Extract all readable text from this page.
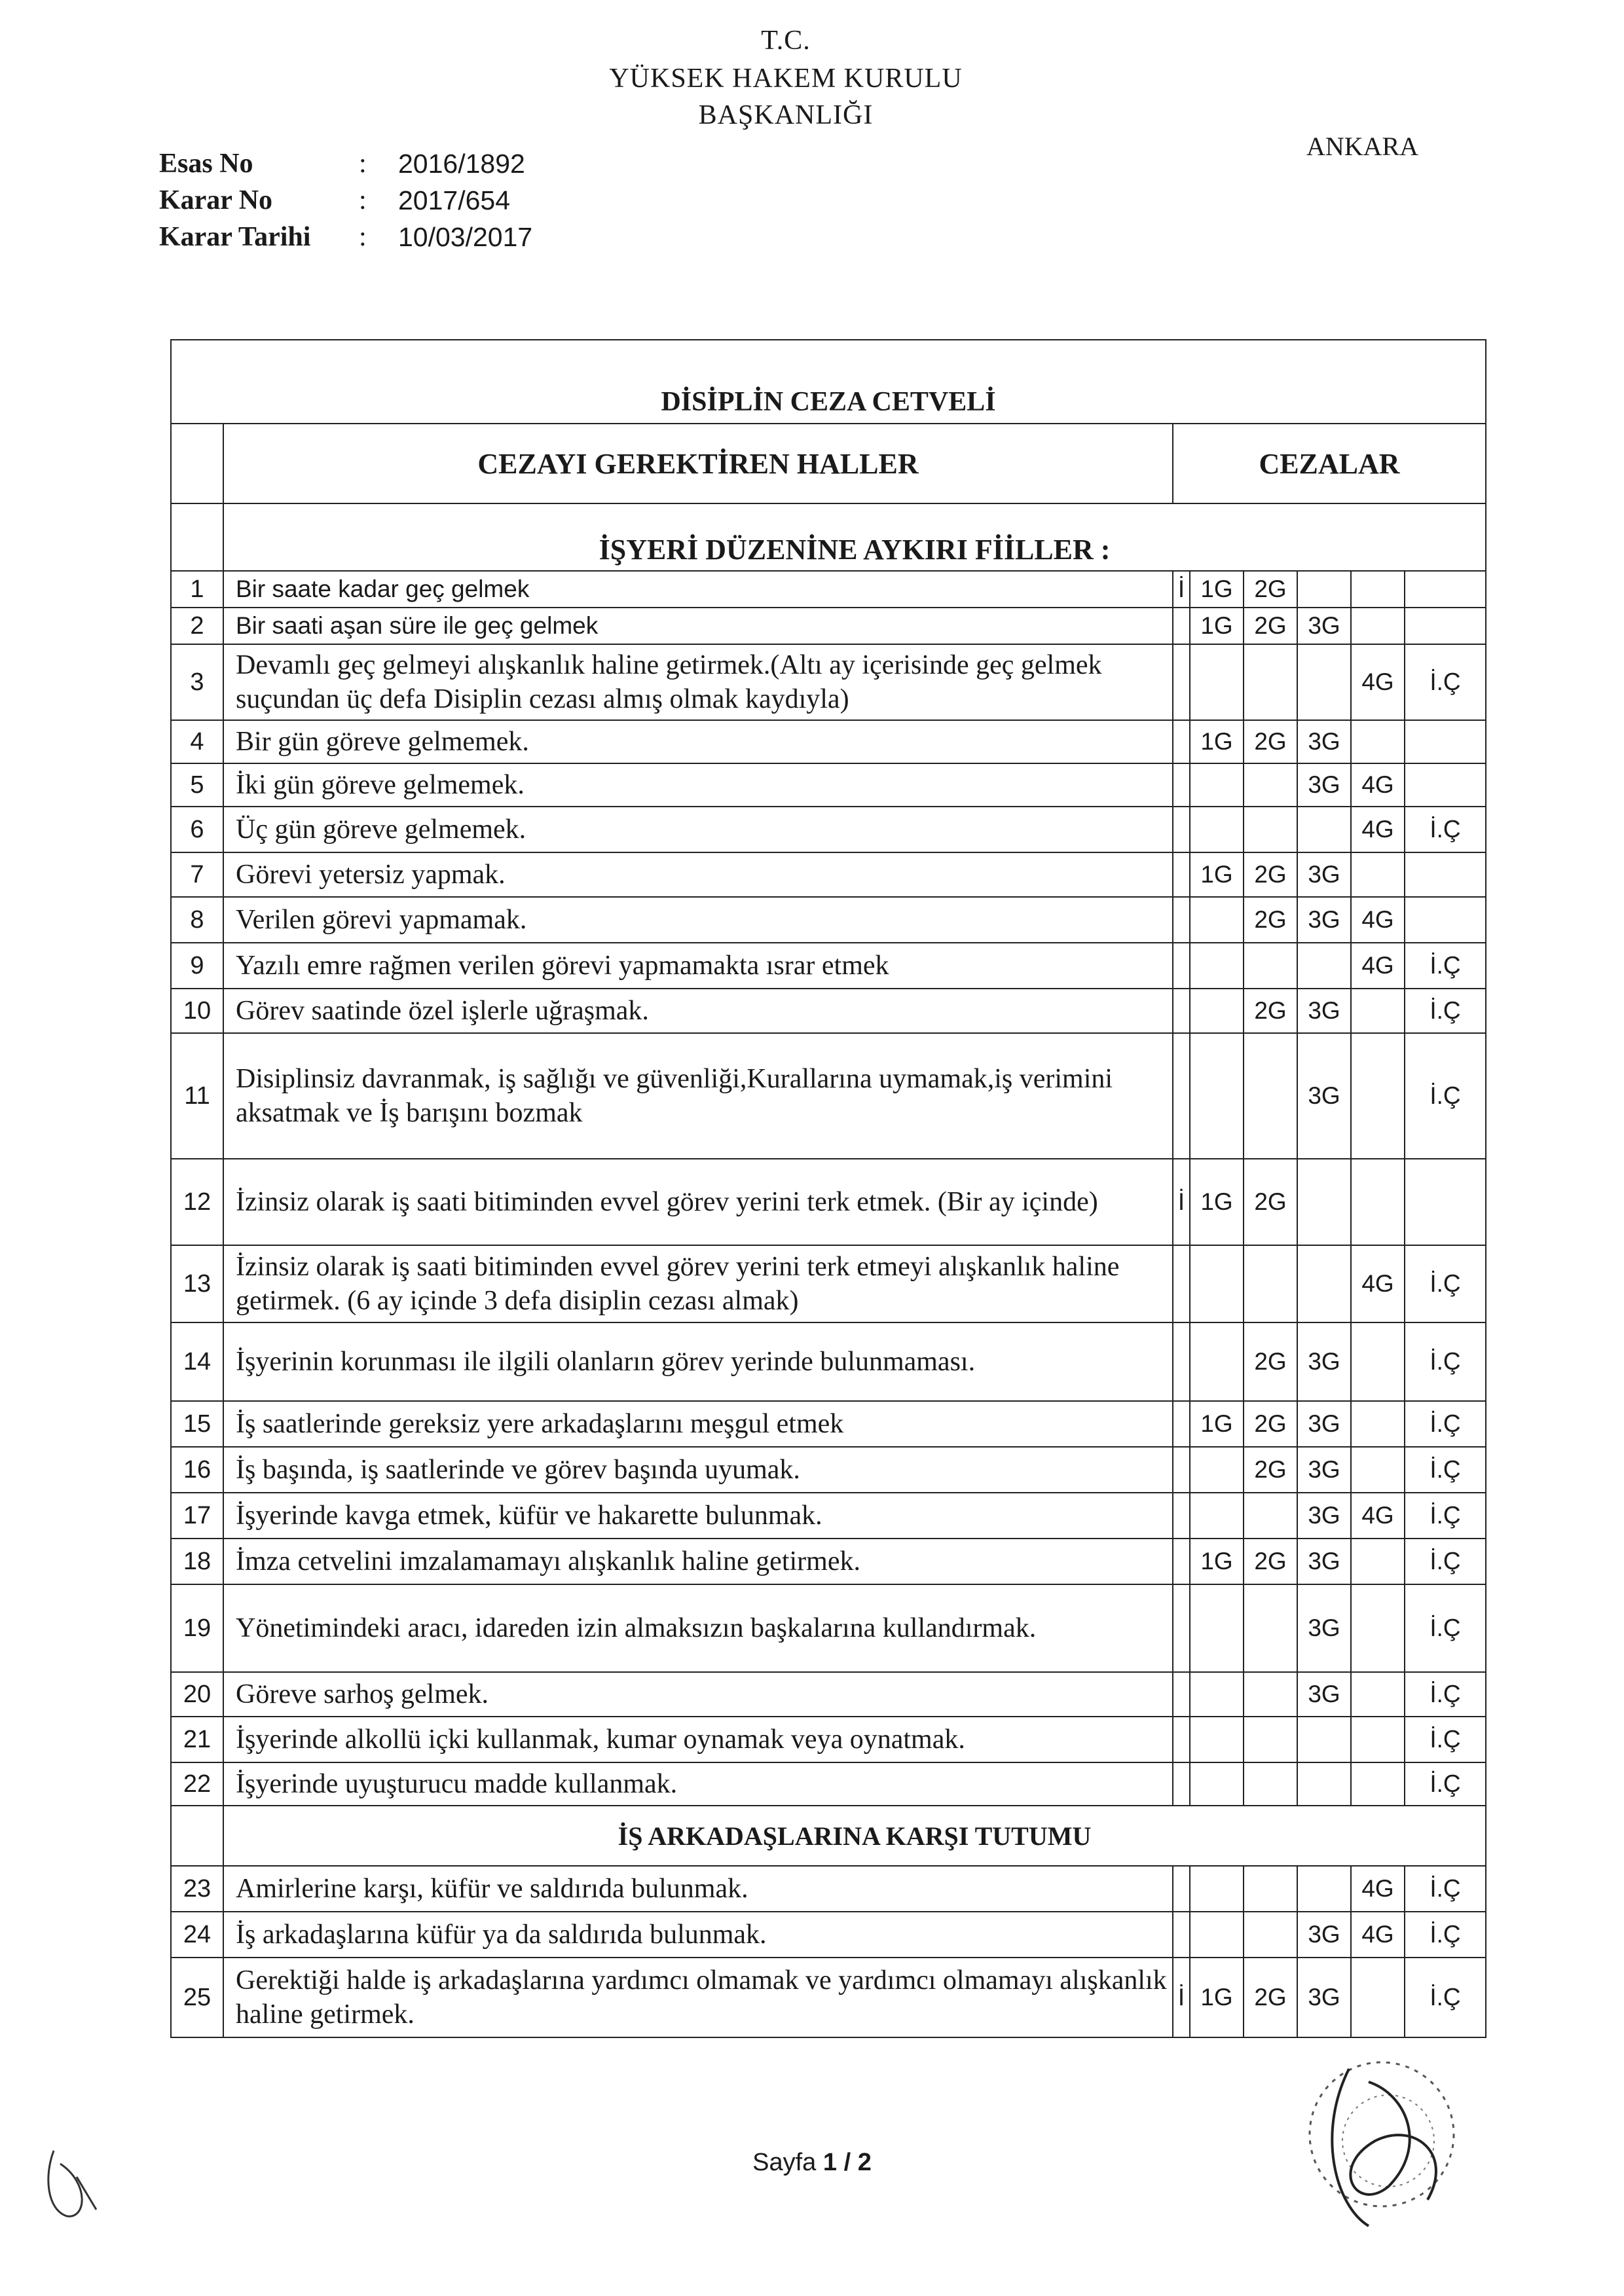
T.C.
YÜKSEK HAKEM KURULU
BAŞKANLIĞI
ANKARA
Esas No	:	2016/1892
Karar No	:	2017/654
Karar Tarihi	:	10/03/2017
DİSİPLİN CEZA CETVELİ							
	CEZAYI GEREKTİREN HALLER	CEZALAR					
	İŞYERİ DÜZENİNE AYKIRI FİİLLER :						
1	Bir saate kadar geç gelmek	İ	1G	2G			
2	Bir saati aşan süre ile geç gelmek		1G	2G	3G		
3	Devamlı geç gelmeyi alışkanlık haline getirmek.(Altı ay içerisinde geç gelmek suçundan üç defa Disiplin cezası almış olmak kaydıyla)					4G	İ.Ç
4	Bir gün göreve gelmemek.		1G	2G	3G		
5	İki gün göreve gelmemek.				3G	4G	
6	Üç gün göreve gelmemek.					4G	İ.Ç
7	Görevi yetersiz yapmak.		1G	2G	3G		
8	Verilen görevi yapmamak.			2G	3G	4G	
9	Yazılı emre rağmen verilen görevi yapmamakta ısrar etmek					4G	İ.Ç
10	Görev saatinde özel işlerle uğraşmak.			2G	3G		İ.Ç
11	Disiplinsiz davranmak, iş sağlığı ve güvenliği,Kurallarına uymamak,iş verimini aksatmak ve İş barışını bozmak				3G		İ.Ç
12	İzinsiz olarak iş saati bitiminden evvel görev yerini terk etmek. (Bir ay içinde)	İ	1G	2G			
13	İzinsiz olarak iş saati bitiminden evvel görev yerini terk etmeyi alışkanlık haline getirmek. (6 ay içinde 3 defa disiplin cezası almak)					4G	İ.Ç
14	İşyerinin korunması ile ilgili olanların görev yerinde bulunmaması.			2G	3G		İ.Ç
15	İş saatlerinde gereksiz yere arkadaşlarını meşgul etmek		1G	2G	3G		İ.Ç
16	İş başında, iş saatlerinde ve görev başında uyumak.			2G	3G		İ.Ç
17	İşyerinde kavga etmek, küfür ve hakarette bulunmak.				3G	4G	İ.Ç
18	İmza cetvelini imzalamamayı alışkanlık haline getirmek.		1G	2G	3G		İ.Ç
19	Yönetimindeki aracı, idareden izin almaksızın başkalarına kullandırmak.				3G		İ.Ç
20	Göreve sarhoş gelmek.				3G		İ.Ç
21	İşyerinde alkollü içki kullanmak, kumar oynamak veya oynatmak.						İ.Ç
22	İşyerinde uyuşturucu madde kullanmak.						İ.Ç
	İŞ ARKADAŞLARINA KARŞI TUTUMU						
23	Amirlerine karşı, küfür ve saldırıda bulunmak.					4G	İ.Ç
24	İş arkadaşlarına küfür ya da saldırıda bulunmak.				3G	4G	İ.Ç
25	Gerektiği halde iş arkadaşlarına yardımcı olmamak ve yardımcı olmamayı alışkanlık haline getirmek.	İ	1G	2G	3G		İ.Ç
Sayfa 1 / 2
